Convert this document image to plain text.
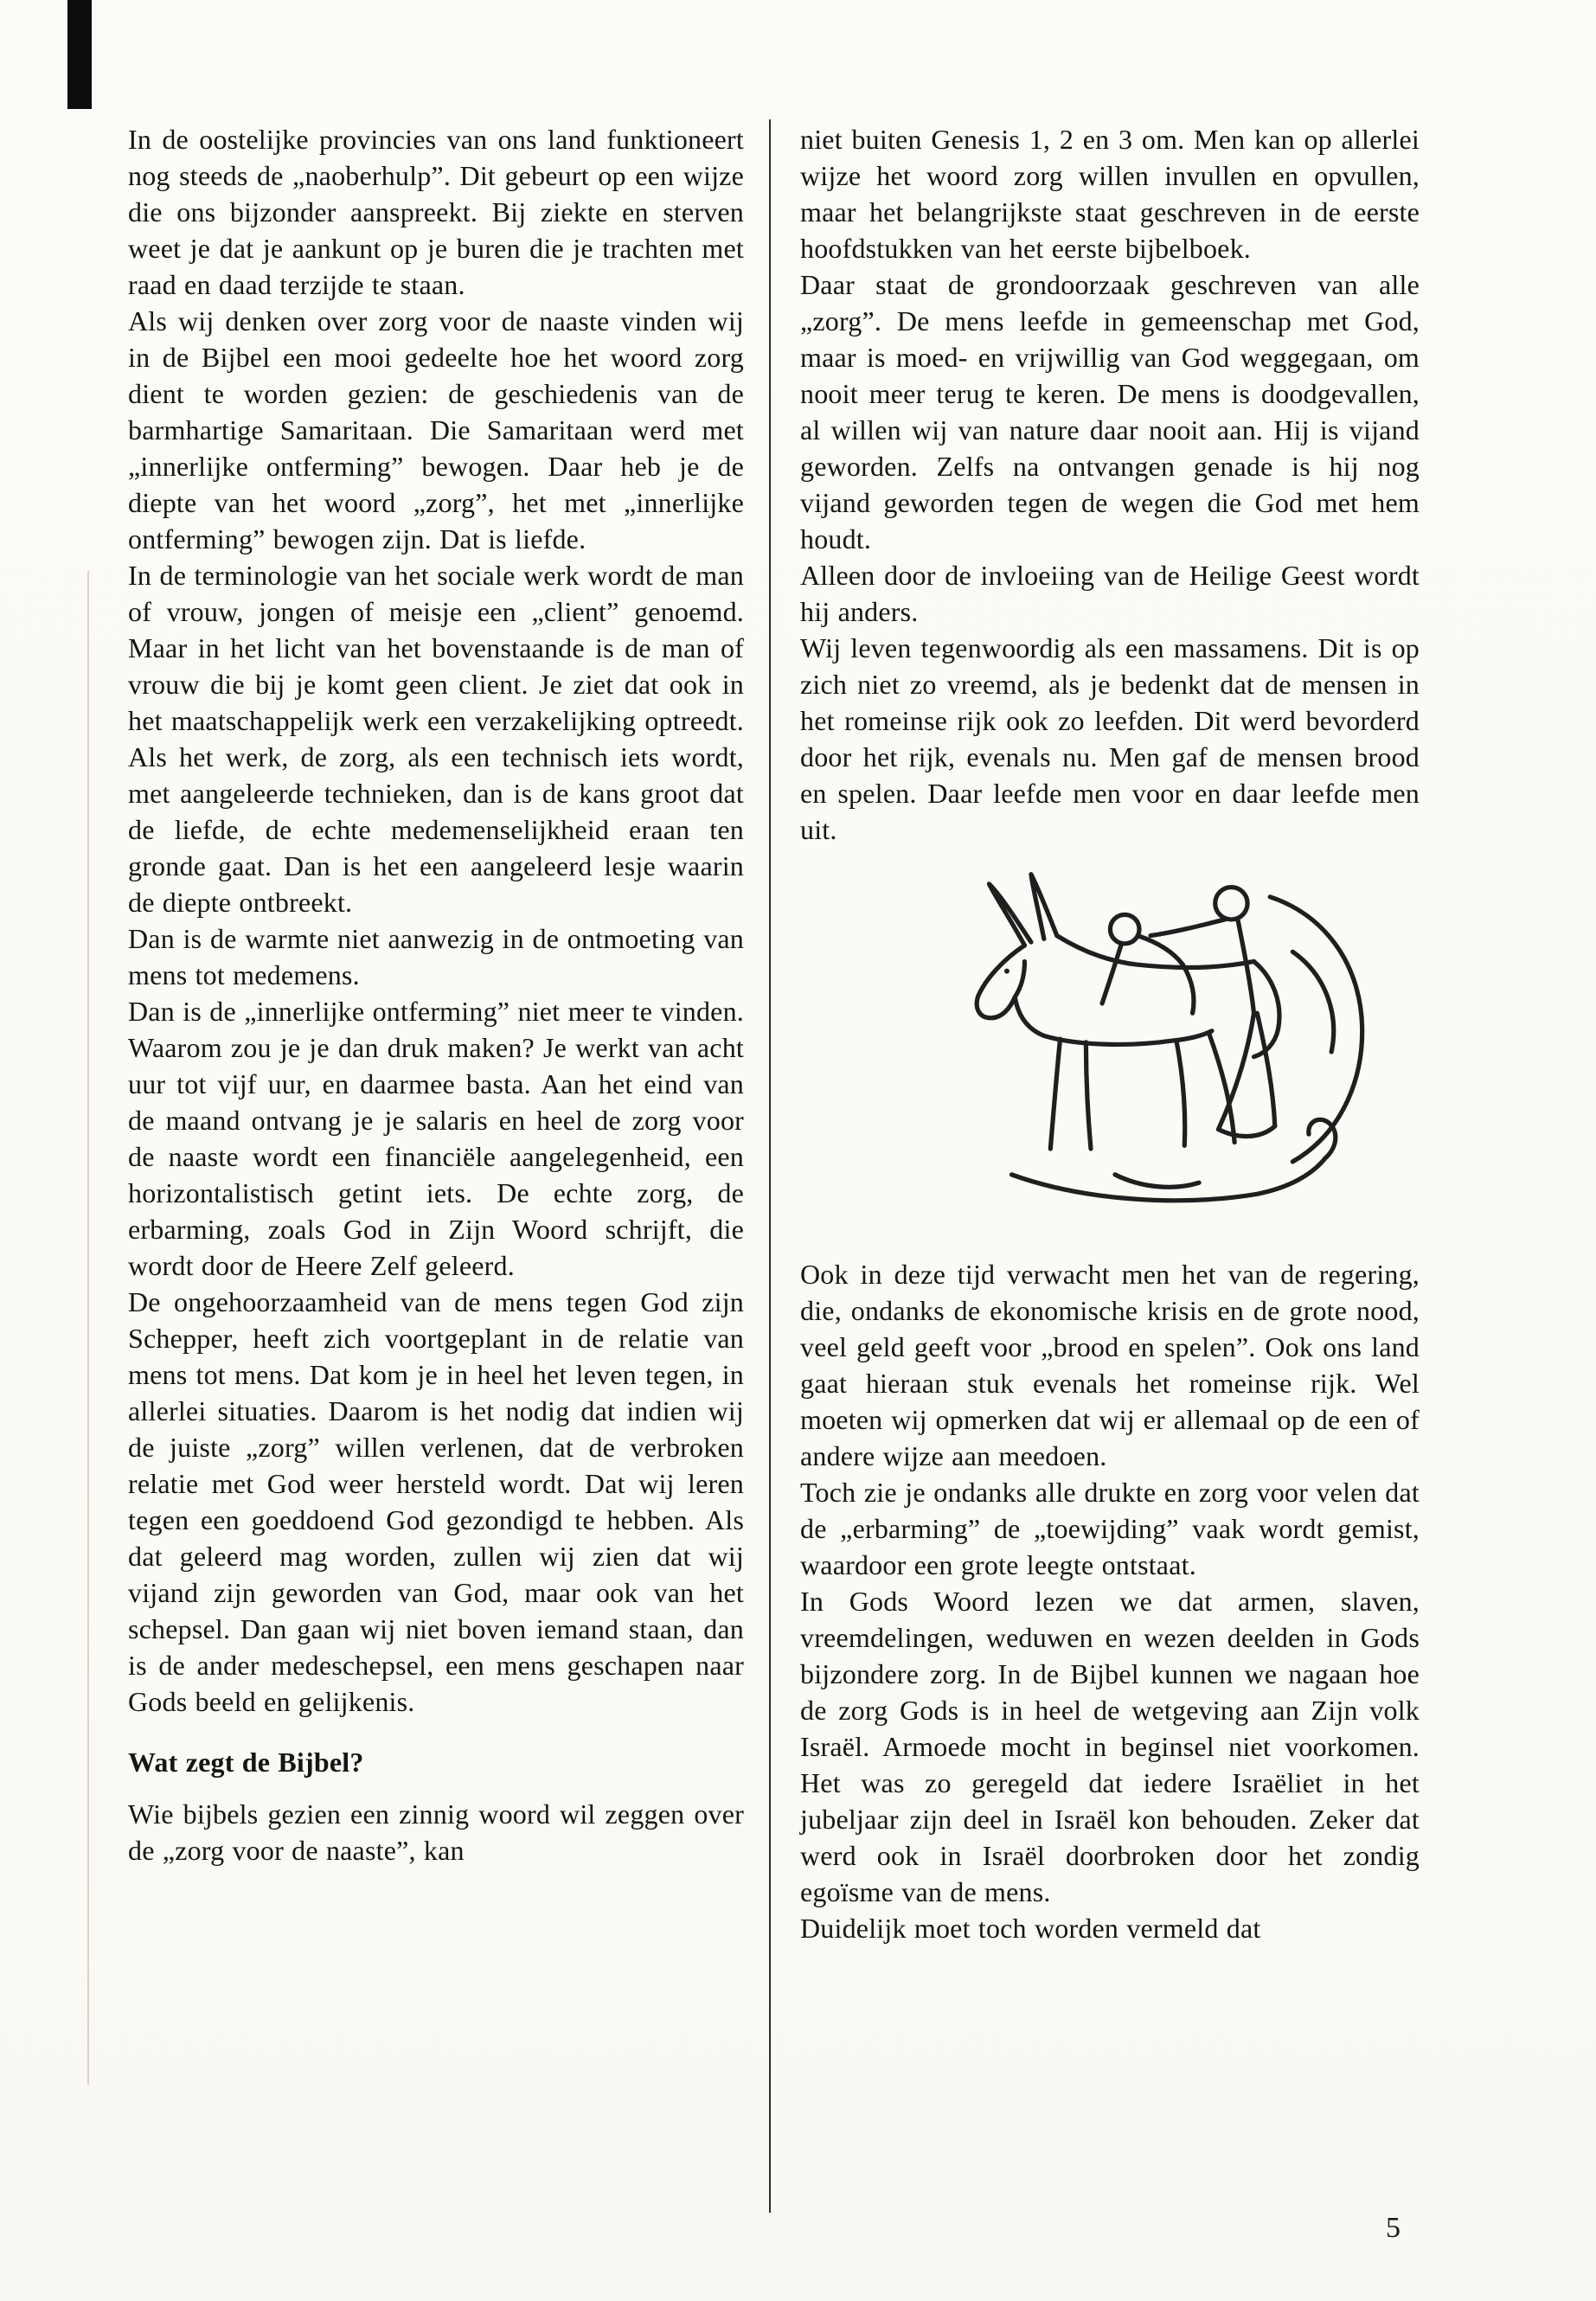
In de oostelijke provincies van ons land funktioneert nog steeds de „naoberhulp”. Dit gebeurt op een wijze die ons bijzonder aanspreekt. Bij ziekte en sterven weet je dat je aankunt op je buren die je trachten met raad en daad terzijde te staan.

Als wij denken over zorg voor de naaste vinden wij in de Bijbel een mooi gedeelte hoe het woord zorg dient te worden gezien: de geschiedenis van de barmhartige Samaritaan. Die Samaritaan werd met „innerlijke ontferming” bewogen. Daar heb je de diepte van het woord „zorg”, het met „innerlijke ontferming” bewogen zijn. Dat is liefde.

In de terminologie van het sociale werk wordt de man of vrouw, jongen of meisje een „client” genoemd. Maar in het licht van het bovenstaande is de man of vrouw die bij je komt geen client. Je ziet dat ook in het maatschappelijk werk een verzakelijking optreedt. Als het werk, de zorg, als een technisch iets wordt, met aangeleerde technieken, dan is de kans groot dat de liefde, de echte medemenselijkheid eraan ten gronde gaat. Dan is het een aangeleerd lesje waarin de diepte ontbreekt.

Dan is de warmte niet aanwezig in de ontmoeting van mens tot medemens.

Dan is de „innerlijke ontferming” niet meer te vinden. Waarom zou je je dan druk maken? Je werkt van acht uur tot vijf uur, en daarmee basta. Aan het eind van de maand ontvang je je salaris en heel de zorg voor de naaste wordt een financiële aangelegenheid, een horizontalistisch getint iets. De echte zorg, de erbarming, zoals God in Zijn Woord schrijft, die wordt door de Heere Zelf geleerd.

De ongehoorzaamheid van de mens tegen God zijn Schepper, heeft zich voortgeplant in de relatie van mens tot mens. Dat kom je in heel het leven tegen, in allerlei situaties. Daarom is het nodig dat indien wij de juiste „zorg” willen verlenen, dat de verbroken relatie met God weer hersteld wordt. Dat wij leren tegen een goeddoend God gezondigd te hebben. Als dat geleerd mag worden, zullen wij zien dat wij vijand zijn geworden van God, maar ook van het schepsel. Dan gaan wij niet boven iemand staan, dan is de ander medeschepsel, een mens geschapen naar Gods beeld en gelijkenis.

Wat zegt de Bijbel?

Wie bijbels gezien een zinnig woord wil zeggen over de „zorg voor de naaste”, kan

niet buiten Genesis 1, 2 en 3 om. Men kan op allerlei wijze het woord zorg willen invullen en opvullen, maar het belangrijkste staat geschreven in de eerste hoofdstukken van het eerste bijbelboek.

Daar staat de grondoorzaak geschreven van alle „zorg”. De mens leefde in gemeenschap met God, maar is moed- en vrijwillig van God weggegaan, om nooit meer terug te keren. De mens is doodgevallen, al willen wij van nature daar nooit aan. Hij is vijand geworden. Zelfs na ontvangen genade is hij nog vijand geworden tegen de wegen die God met hem houdt.

Alleen door de invloeiing van de Heilige Geest wordt hij anders.

Wij leven tegenwoordig als een massamens. Dit is op zich niet zo vreemd, als je bedenkt dat de mensen in het romeinse rijk ook zo leefden. Dit werd bevorderd door het rijk, evenals nu. Men gaf de mensen brood en spelen. Daar leefde men voor en daar leefde men uit.

Ook in deze tijd verwacht men het van de regering, die, ondanks de ekonomische krisis en de grote nood, veel geld geeft voor „brood en spelen”. Ook ons land gaat hieraan stuk evenals het romeinse rijk. Wel moeten wij opmerken dat wij er allemaal op de een of andere wijze aan meedoen.

Toch zie je ondanks alle drukte en zorg voor velen dat de „erbarming” de „toewijding” vaak wordt gemist, waardoor een grote leegte ontstaat.

In Gods Woord lezen we dat armen, slaven, vreemdelingen, weduwen en wezen deelden in Gods bijzondere zorg. In de Bijbel kunnen we nagaan hoe de zorg Gods is in heel de wetgeving aan Zijn volk Israël. Armoede mocht in beginsel niet voorkomen. Het was zo geregeld dat iedere Israëliet in het jubeljaar zijn deel in Israël kon behouden. Zeker dat werd ook in Israël doorbroken door het zondig egoïsme van de mens.

Duidelijk moet toch worden vermeld dat

5
